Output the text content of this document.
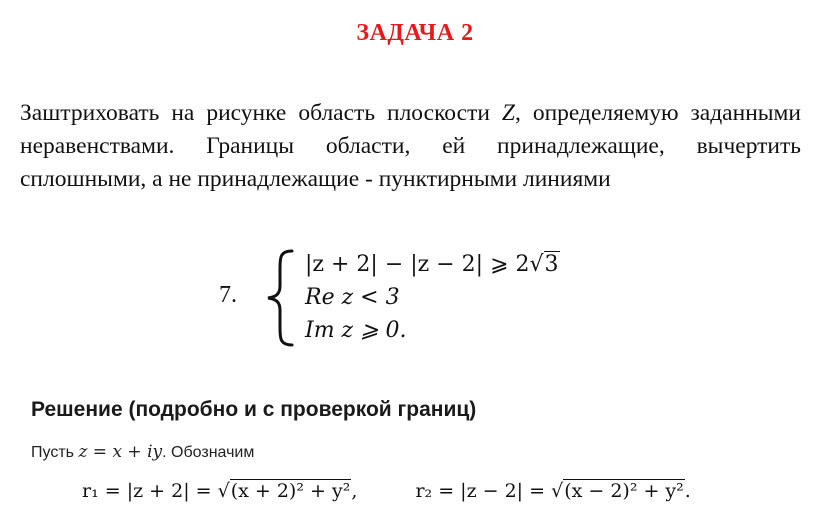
ЗАДАЧА 2
Заштриховать на рисунке область плоскости Z, определяемую заданными неравенствами. Границы области, ей принадлежащие, вычертить сплошными, а не принадлежащие - пунктирными линиями
7.
|z + 2| − |z − 2| ⩾ 2√3
Re z < 3
Im z ⩾ 0.
Решение (подробно и с проверкой границ)
Пусть z = x + iy. Обозначим
r₁ = |z + 2| = √(x + 2)² + y²,	r₂ = |z − 2| = √(x − 2)² + y².
